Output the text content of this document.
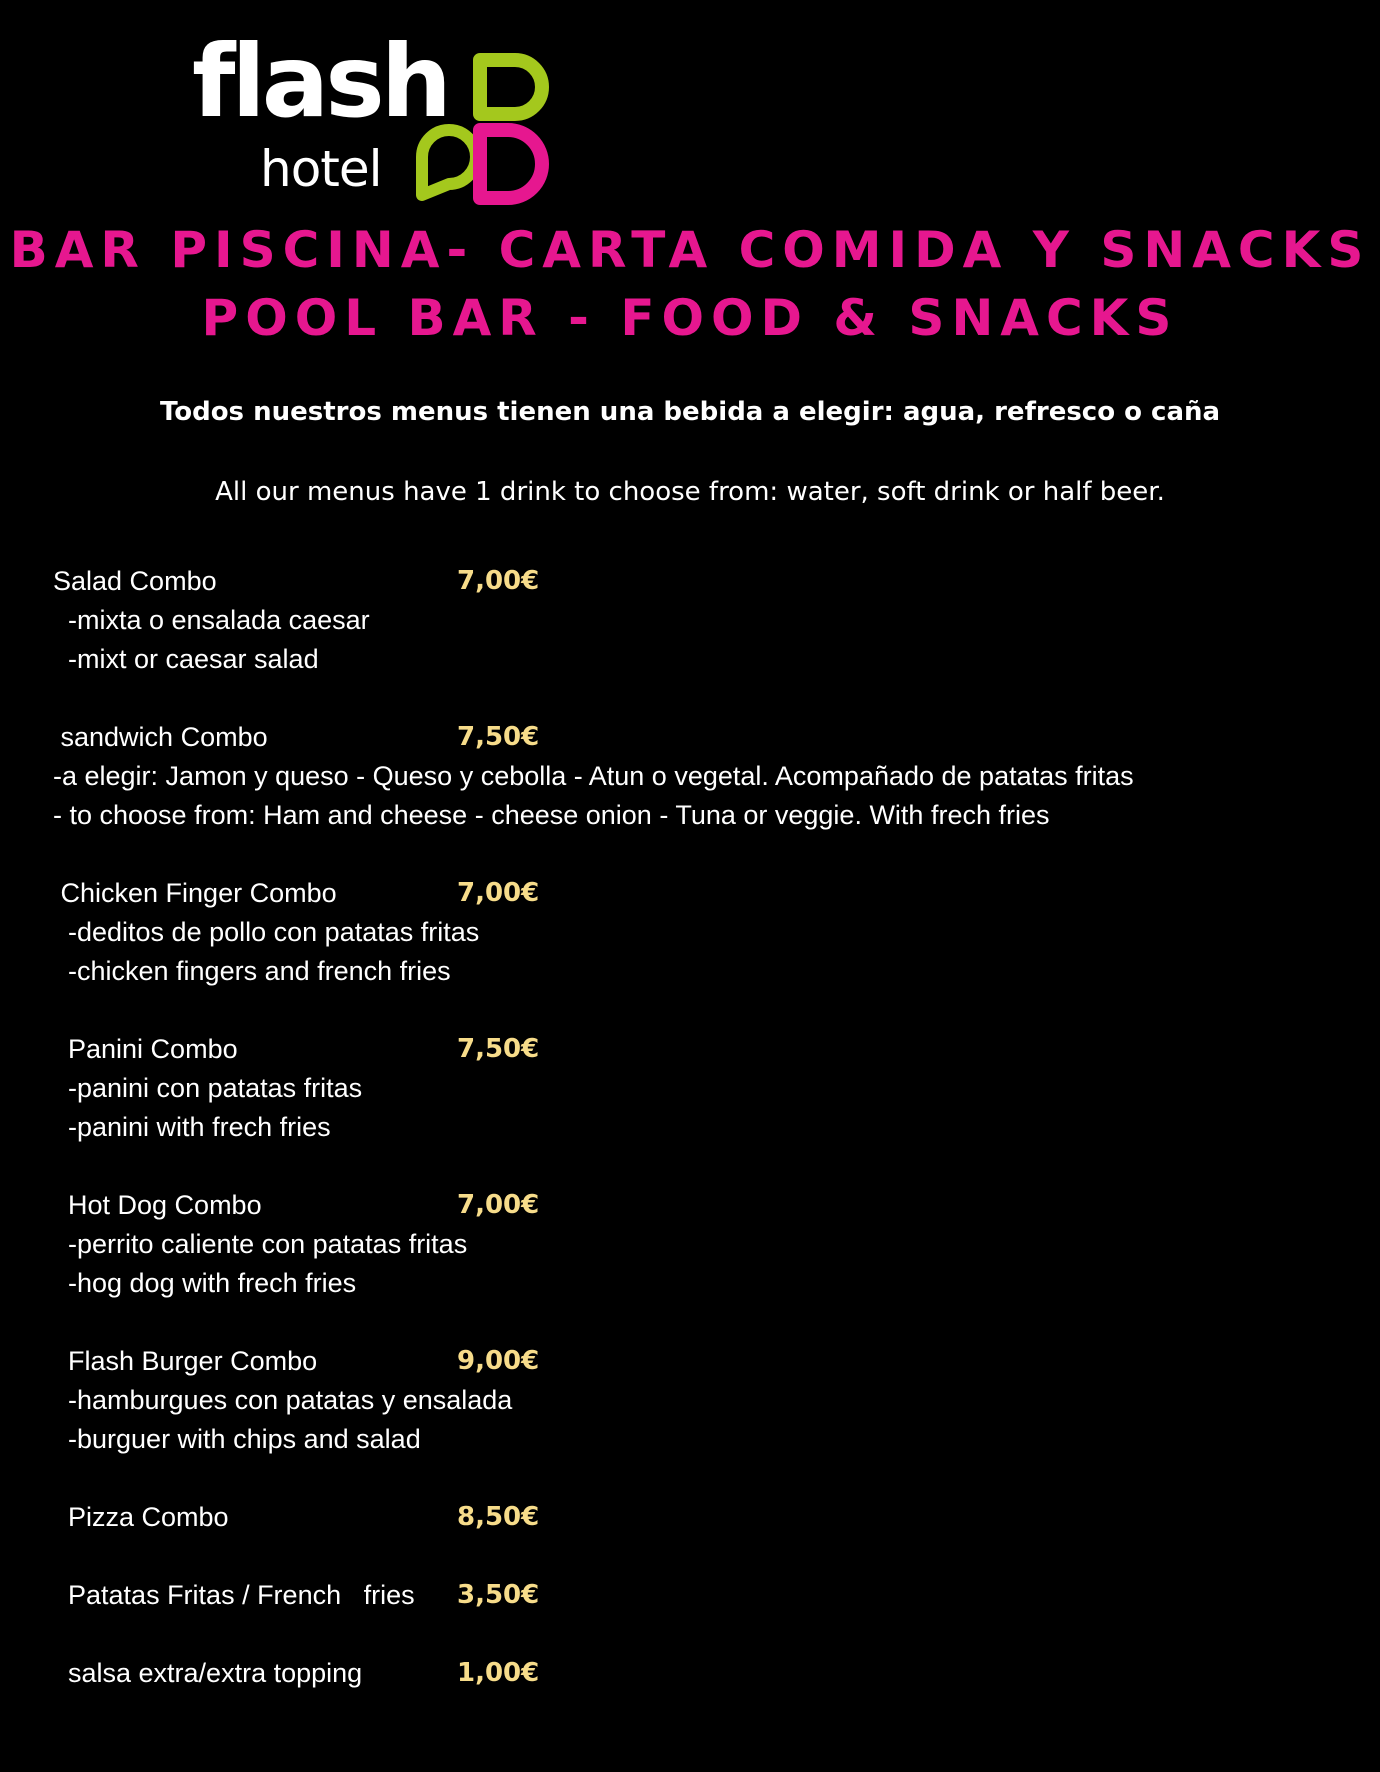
flash
hotel
BAR PISCINA- CARTA COMIDA Y SNACKS
POOL BAR - FOOD & SNACKS
Todos nuestros menus tienen una bebida a elegir: agua, refresco o caña
All our menus have 1 drink to choose from: water, soft drink or half beer.
Salad Combo	7,00€
-mixta o ensalada caesar
-mixt or caesar salad
sandwich Combo	7,50€
-a elegir: Jamon y queso - Queso y cebolla - Atun o vegetal. Acompañado de patatas fritas
- to choose from: Ham and cheese - cheese onion - Tuna or veggie. With frech fries
Chicken Finger Combo	7,00€
-deditos de pollo con patatas fritas
-chicken fingers and french fries
Panini Combo	7,50€
-panini con patatas fritas
-panini with frech fries
Hot Dog Combo	7,00€
-perrito caliente con patatas fritas
-hog dog with frech fries
Flash Burger Combo	9,00€
-hamburgues con patatas y ensalada
-burguer with chips and salad
Pizza Combo	8,50€
Patatas Fritas / French   fries 3,50€
salsa extra/extra topping	1,00€
